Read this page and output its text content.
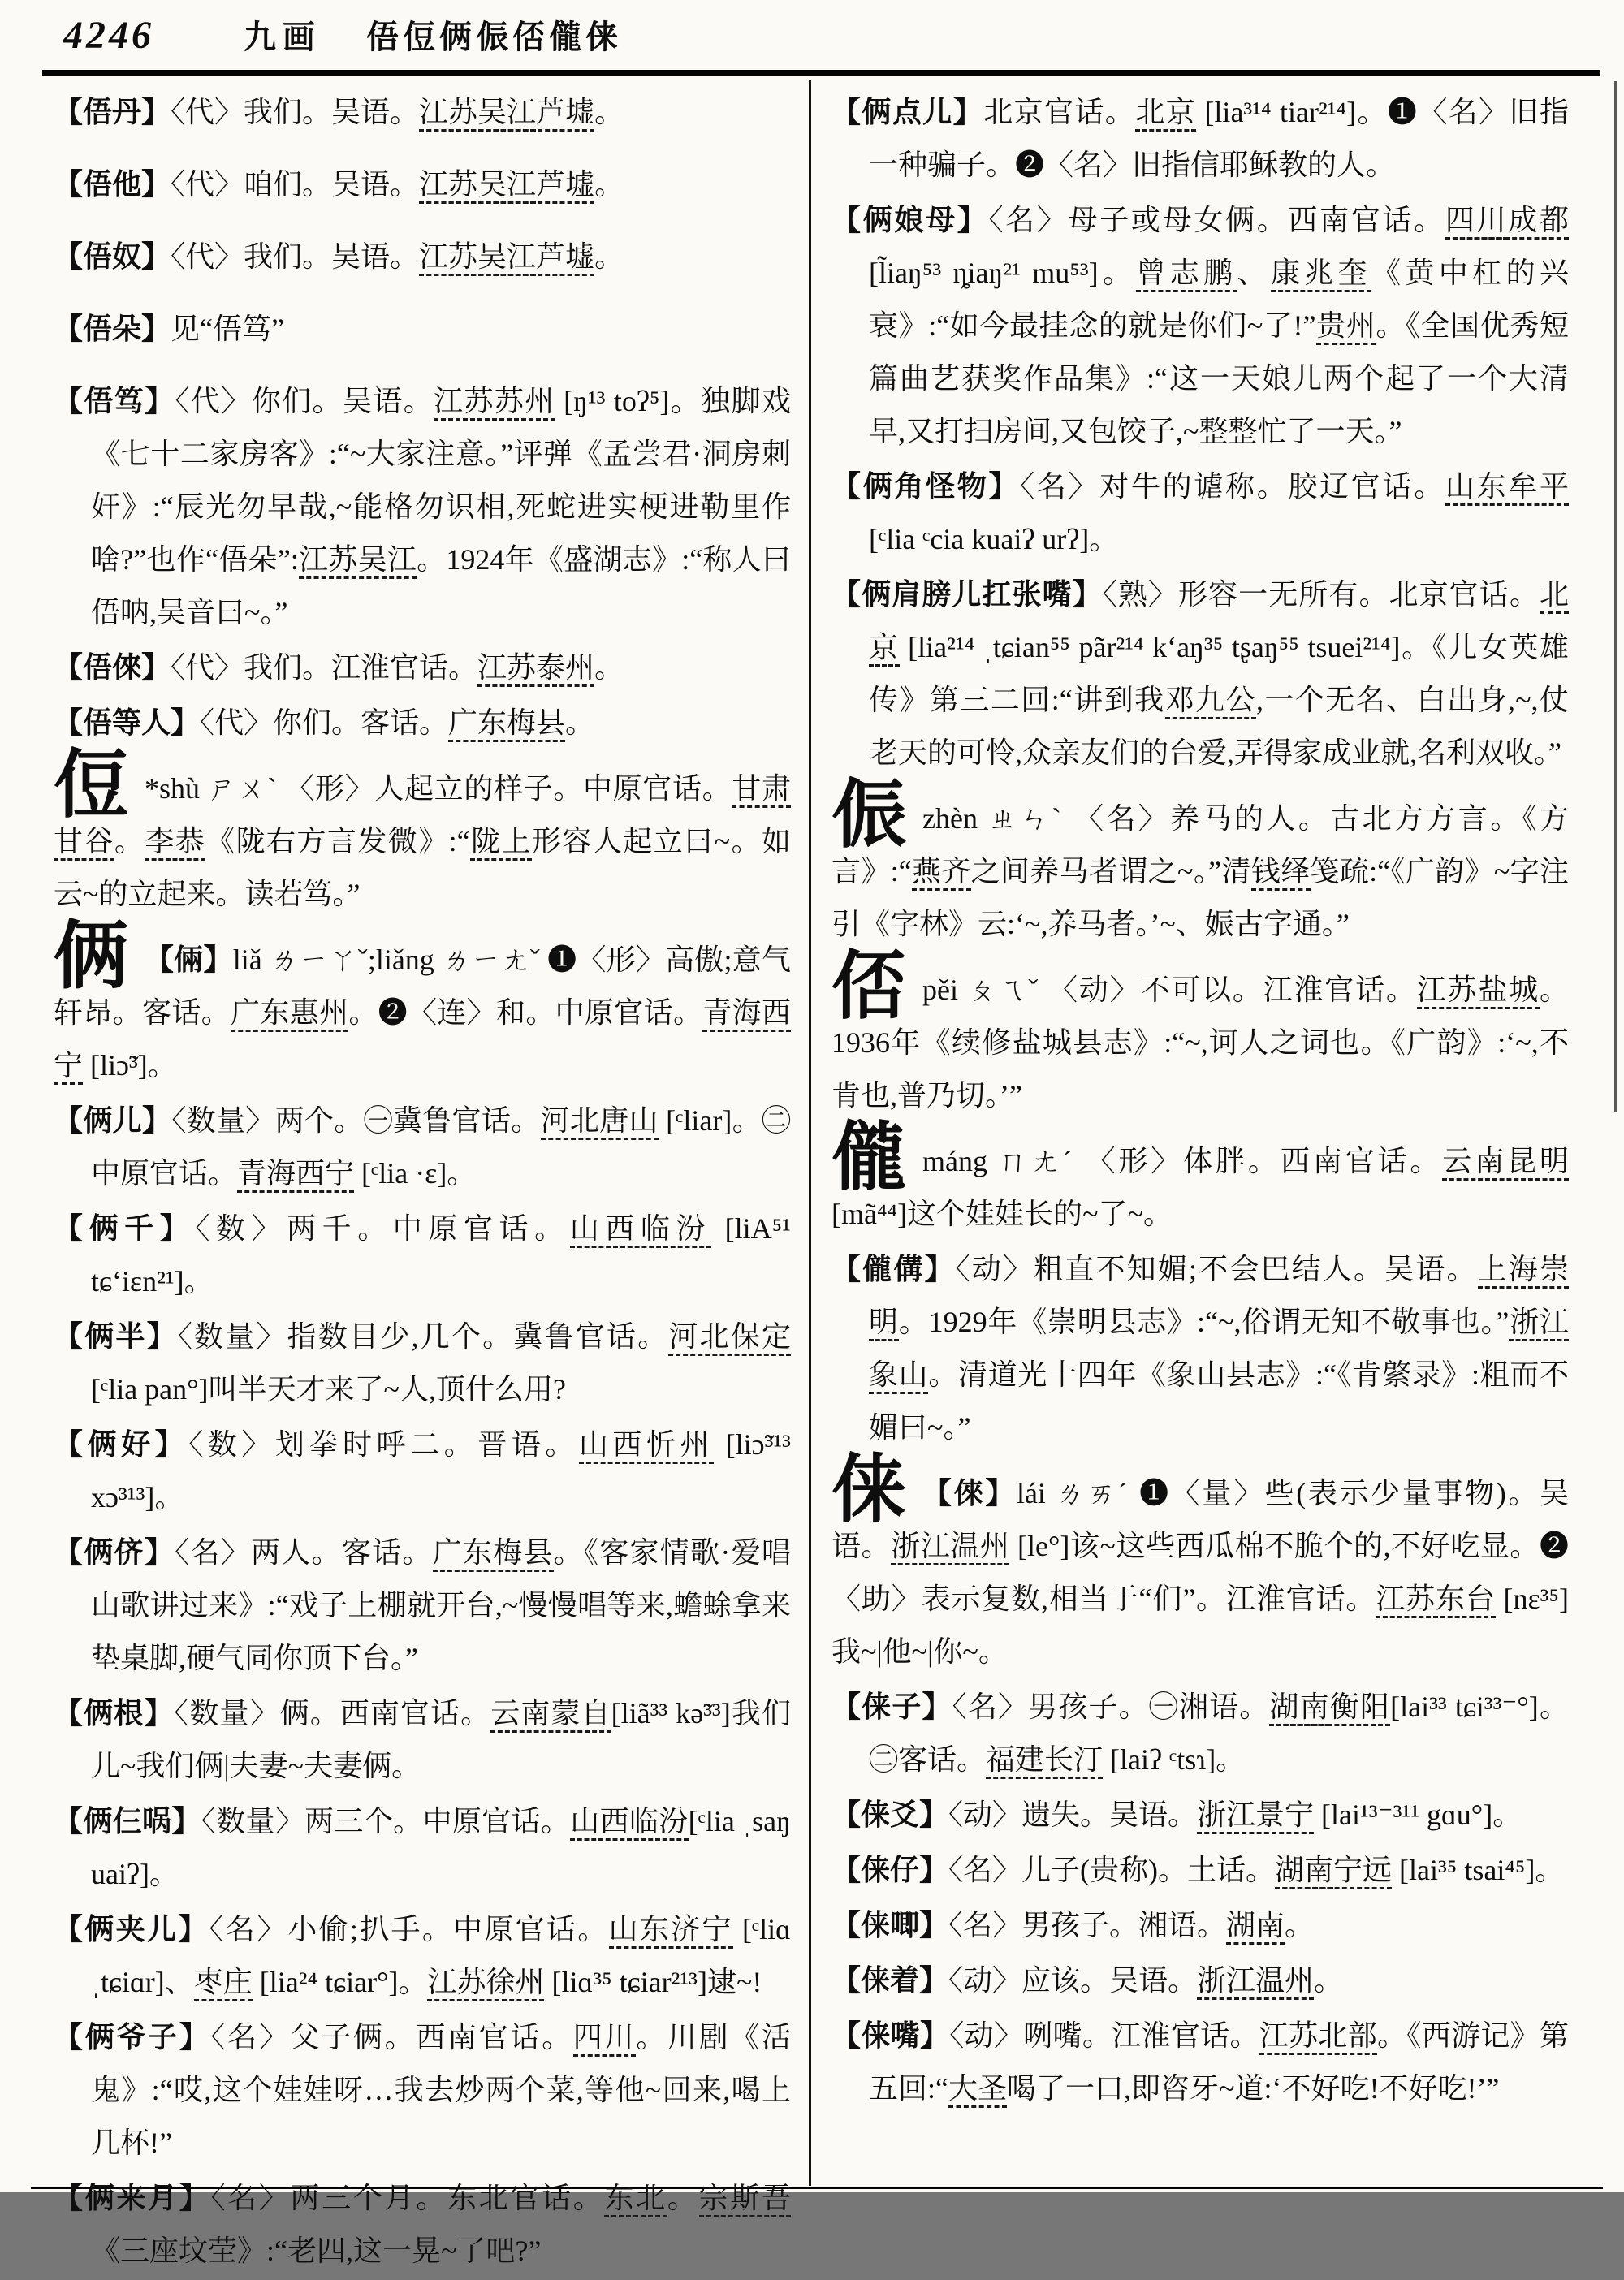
4246	九画 俉侸俩侲俖儱俫

【俉丹】〈代〉我们。吴语。江苏吴江芦墟。

【俉他】〈代〉咱们。吴语。江苏吴江芦墟。

【俉奴】〈代〉我们。吴语。江苏吴江芦墟。

【俉朵】见“俉笃”

【俉笃】〈代〉你们。吴语。江苏苏州 [ŋ¹³ toʔ⁵]。独脚戏《七十二家房客》:“~大家注意。”评弹《孟尝君·洞房刺奸》:“辰光勿早哉,~能格勿识相,死蛇进实梗进勒里作啥?”也作“俉朵”:江苏吴江。1924年《盛湖志》:“称人曰俉呐,吴音曰~。”

【俉倈】〈代〉我们。江淮官话。江苏泰州。

【俉等人】〈代〉你们。客话。广东梅县。

侸 *shù ㄕㄨˋ 〈形〉人起立的样子。中原官话。甘肃甘谷。李恭《陇右方言发微》:“陇上形容人起立曰~。如云~的立起来。读若笃。”
俩 【倆】liǎ ㄌㄧㄚˇ;liǎng ㄌㄧㄤˇ ❶〈形〉高傲;意气轩昂。客话。广东惠州。❷〈连〉和。中原官话。青海西宁 [liɔ̃³]。

【俩儿】〈数量〉两个。㊀冀鲁官话。河北唐山 [ᶜliar]。㊁中原官话。青海西宁 [ᶜlia ·ɛ]。

【俩千】〈数〉两千。中原官话。山西临汾 [liA⁵¹ tɕʻiɛn²¹]。

【俩半】〈数量〉指数目少,几个。冀鲁官话。河北保定 [ᶜlia pan°]叫半天才来了~人,顶什么用?

【俩好】〈数〉划拳时呼二。晋语。山西忻州 [liɔ̃³¹³ xɔ³¹³]。

【俩侪】〈名〉两人。客话。广东梅县。《客家情歌·爱唱山歌讲过来》:“戏子上棚就开台,~慢慢唱等来,蟾蜍拿来垫桌脚,硬气同你顶下台。”

【俩根】〈数量〉俩。西南官话。云南蒙自[liã³³ kə̃³³]我们儿~我们俩|夫妻~夫妻俩。

【俩仨㖞】〈数量〉两三个。中原官话。山西临汾[ᶜlia ˌsaŋ uaiʔ]。

【俩夹儿】〈名〉小偷;扒手。中原官话。山东济宁 [ᶜliɑ ˌtɕiɑr]、枣庄 [lia²⁴ tɕiar°]。江苏徐州 [liɑ³⁵ tɕiar²¹³]逮~!

【俩爷子】〈名〉父子俩。西南官话。四川。川剧《活鬼》:“哎,这个娃娃呀…我去炒两个菜,等他~回来,喝上几杯!”

【俩来月】〈名〉两三个月。东北官话。东北。宗斯吾《三座坟茔》:“老四,这一晃~了吧?”

【俩点儿】北京官话。北京 [lia³¹⁴ tiar²¹⁴]。❶〈名〉旧指一种骗子。❷〈名〉旧指信耶稣教的人。

【俩娘母】〈名〉母子或母女俩。西南官话。四川成都 [l̃iaŋ⁵³ ȵiaŋ²¹ mu⁵³]。曾志鹏、康兆奎《黄中杠的兴衰》:“如今最挂念的就是你们~了!”贵州。《全国优秀短篇曲艺获奖作品集》:“这一天娘儿两个起了一个大清早,又打扫房间,又包饺子,~整整忙了一天。”

【俩角怪物】〈名〉对牛的谑称。胶辽官话。山东牟平 [ᶜlia ᶜcia kuaiʔ urʔ]。

【俩肩膀儿扛张嘴】〈熟〉形容一无所有。北京官话。北京 [lia²¹⁴ ˌtɕian⁵⁵ pãr²¹⁴ kʻaŋ³⁵ tʂaŋ⁵⁵ tsuei²¹⁴]。《儿女英雄传》第三二回:“讲到我邓九公,一个无名、白出身,~,仗老天的可怜,众亲友们的台爱,弄得家成业就,名利双收。”

侲 zhèn ㄓㄣˋ 〈名〉养马的人。古北方方言。《方言》:“燕齐之间养马者谓之~。”清钱绎笺疏:“《广韵》~字注引《字林》云:‘~,养马者。’~、娠古字通。”
俖 pěi ㄆㄟˇ 〈动〉不可以。江淮官话。江苏盐城。1936年《续修盐城县志》:“~,诃人之词也。《广韵》:‘~,不肯也,普乃切。’”
儱 máng ㄇㄤˊ 〈形〉体胖。西南官话。云南昆明 [mã⁴⁴]这个娃娃长的~了~。

【儱傋】〈动〉粗直不知媚;不会巴结人。吴语。上海崇明。1929年《崇明县志》:“~,俗谓无知不敬事也。”浙江象山。清道光十四年《象山县志》:“《肯綮录》:粗而不媚曰~。”

俫 【倈】lái ㄌㄞˊ ❶〈量〉些(表示少量事物)。吴语。浙江温州 [le°]该~这些西瓜棉不脆个的,不好吃显。❷〈助〉表示复数,相当于“们”。江淮官话。江苏东台 [nɛ³⁵]我~|他~|你~。

【俫子】〈名〉男孩子。㊀湘语。湖南衡阳[lai³³ tɕi³³⁻°]。㊁客话。福建长汀 [laiʔ ᶜtsɿ]。

【俫爻】〈动〉遗失。吴语。浙江景宁 [lai¹³⁻³¹¹ gɑu°]。

【俫仔】〈名〉儿子(贵称)。土话。湖南宁远 [lai³⁵ tsai⁴⁵]。

【俫唧】〈名〉男孩子。湘语。湖南。

【俫着】〈动〉应该。吴语。浙江温州。

【俫嘴】〈动〉咧嘴。江淮官话。江苏北部。《西游记》第五回:“大圣喝了一口,即咨牙~道:‘不好吃!不好吃!’”
